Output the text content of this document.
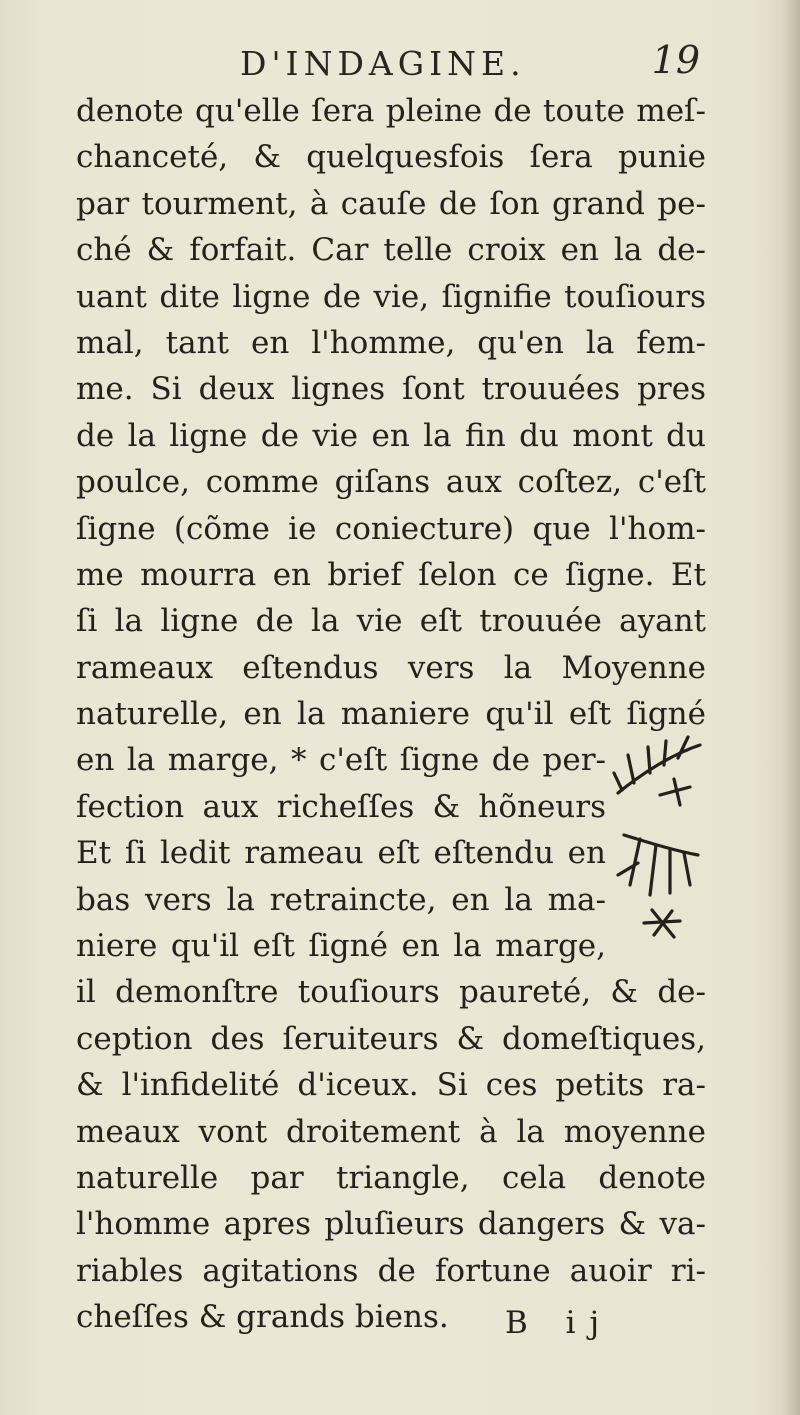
D'INDAGINE.	19
denote qu'elle ſera pleine de toute meſ-
chanceté, & quelquesfois ſera punie
par tourment, à cauſe de ſon grand pe-
ché & forfait. Car telle croix en la de-
uant dite ligne de vie, ſignifie touſiours
mal, tant en l'homme, qu'en la fem-
me. Si deux lignes ſont trouuées pres
de la ligne de vie en la fin du mont du
poulce, comme giſans aux coſtez, c'eſt
ſigne (cõme ie coniecture) que l'hom-
me mourra en brief ſelon ce ſigne. Et
ſi la ligne de la vie eſt trouuée ayant
rameaux eſtendus vers la Moyenne
naturelle, en la maniere qu'il eſt ſigné
en la marge, * c'eſt ſigne de per-
fection aux richeſſes & hõneurs
Et ſi ledit rameau eſt eſtendu en
bas vers la retraincte, en la ma-
niere qu'il eſt ſigné en la marge,
il demonſtre touſiours paureté, & de-
ception des ſeruiteurs & domeſtiques,
& l'infidelité d'iceux. Si ces petits ra-
meaux vont droitement à la moyenne
naturelle par triangle, cela denote
l'homme apres pluſieurs dangers & va-
riables agitations de fortune auoir ri-
cheſſes & grands biens.	B ij
